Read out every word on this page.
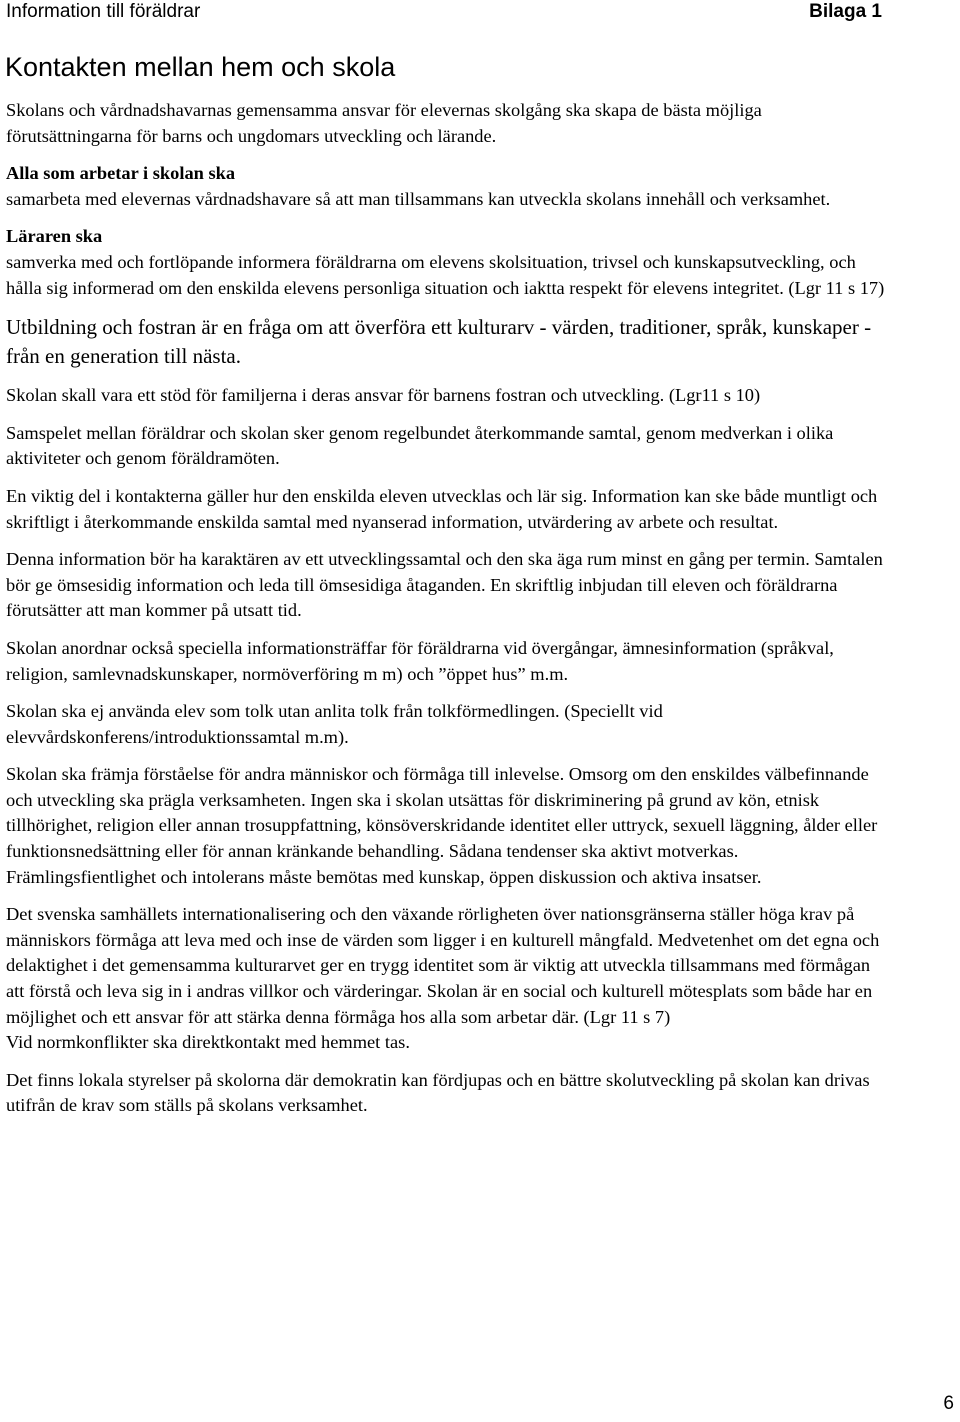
Information till föräldrar	Bilaga 1
Kontakten mellan hem och skola

Skolans och vårdnadshavarnas gemensamma ansvar för elevernas skolgång ska skapa de bästa möjliga förutsättningarna för barns och ungdomars utveckling och lärande.

Alla som arbetar i skolan ska
samarbeta med elevernas vårdnadshavare så att man tillsammans kan utveckla skolans innehåll och verksamhet.

Läraren ska
samverka med och fortlöpande informera föräldrarna om elevens skolsituation, trivsel och kunskapsutveckling, och hålla sig informerad om den enskilda elevens personliga situation och iaktta respekt för elevens integritet. (Lgr 11 s 17)

Utbildning och fostran är en fråga om att överföra ett kulturarv - värden, traditioner, språk, kunskaper - från en generation till nästa.

Skolan skall vara ett stöd för familjerna i deras ansvar för barnens fostran och utveckling. (Lgr11 s 10)

Samspelet mellan föräldrar och skolan sker genom regelbundet återkommande samtal, genom medverkan i olika aktiviteter och genom föräldramöten.

En viktig del i kontakterna gäller hur den enskilda eleven utvecklas och lär sig. Information kan ske både muntligt och skriftligt i återkommande enskilda samtal med nyanserad information, utvärdering av arbete och resultat.

Denna information bör ha karaktären av ett utvecklingssamtal och den ska äga rum minst en gång per termin. Samtalen bör ge ömsesidig information och leda till ömsesidiga åtaganden. En skriftlig inbjudan till eleven och föräldrarna förutsätter att man kommer på utsatt tid.

Skolan anordnar också speciella informationsträffar för föräldrarna vid övergångar, ämnesinformation (språkval, religion, samlevnadskunskaper, normöverföring m m) och ”öppet hus” m.m.

Skolan ska ej använda elev som tolk utan anlita tolk från tolkförmedlingen. (Speciellt vid elevvårdskonferens/introduktionssamtal m.m).

Skolan ska främja förståelse för andra människor och förmåga till inlevelse. Omsorg om den enskildes välbefinnande och utveckling ska prägla verksamheten. Ingen ska i skolan utsättas för diskriminering på grund av kön, etnisk tillhörighet, religion eller annan trosuppfattning, könsöverskridande identitet eller uttryck, sexuell läggning, ålder eller funktionsnedsättning eller för annan kränkande behandling. Sådana tendenser ska aktivt motverkas. Främlingsfientlighet och intolerans måste bemötas med kunskap, öppen diskussion och aktiva insatser.

Det svenska samhällets internationalisering och den växande rörligheten över nationsgränserna ställer höga krav på människors förmåga att leva med och inse de värden som ligger i en kulturell mångfald. Medvetenhet om det egna och delaktighet i det gemensamma kulturarvet ger en trygg identitet som är viktig att utveckla tillsammans med förmågan att förstå och leva sig in i andras villkor och värderingar. Skolan är en social och kulturell mötesplats som både har en möjlighet och ett ansvar för att stärka denna förmåga hos alla som arbetar där. (Lgr 11 s 7)
Vid normkonflikter ska direktkontakt med hemmet tas.

Det finns lokala styrelser på skolorna där demokratin kan fördjupas och en bättre skolutveckling på skolan kan drivas utifrån de krav som ställs på skolans verksamhet.

6
